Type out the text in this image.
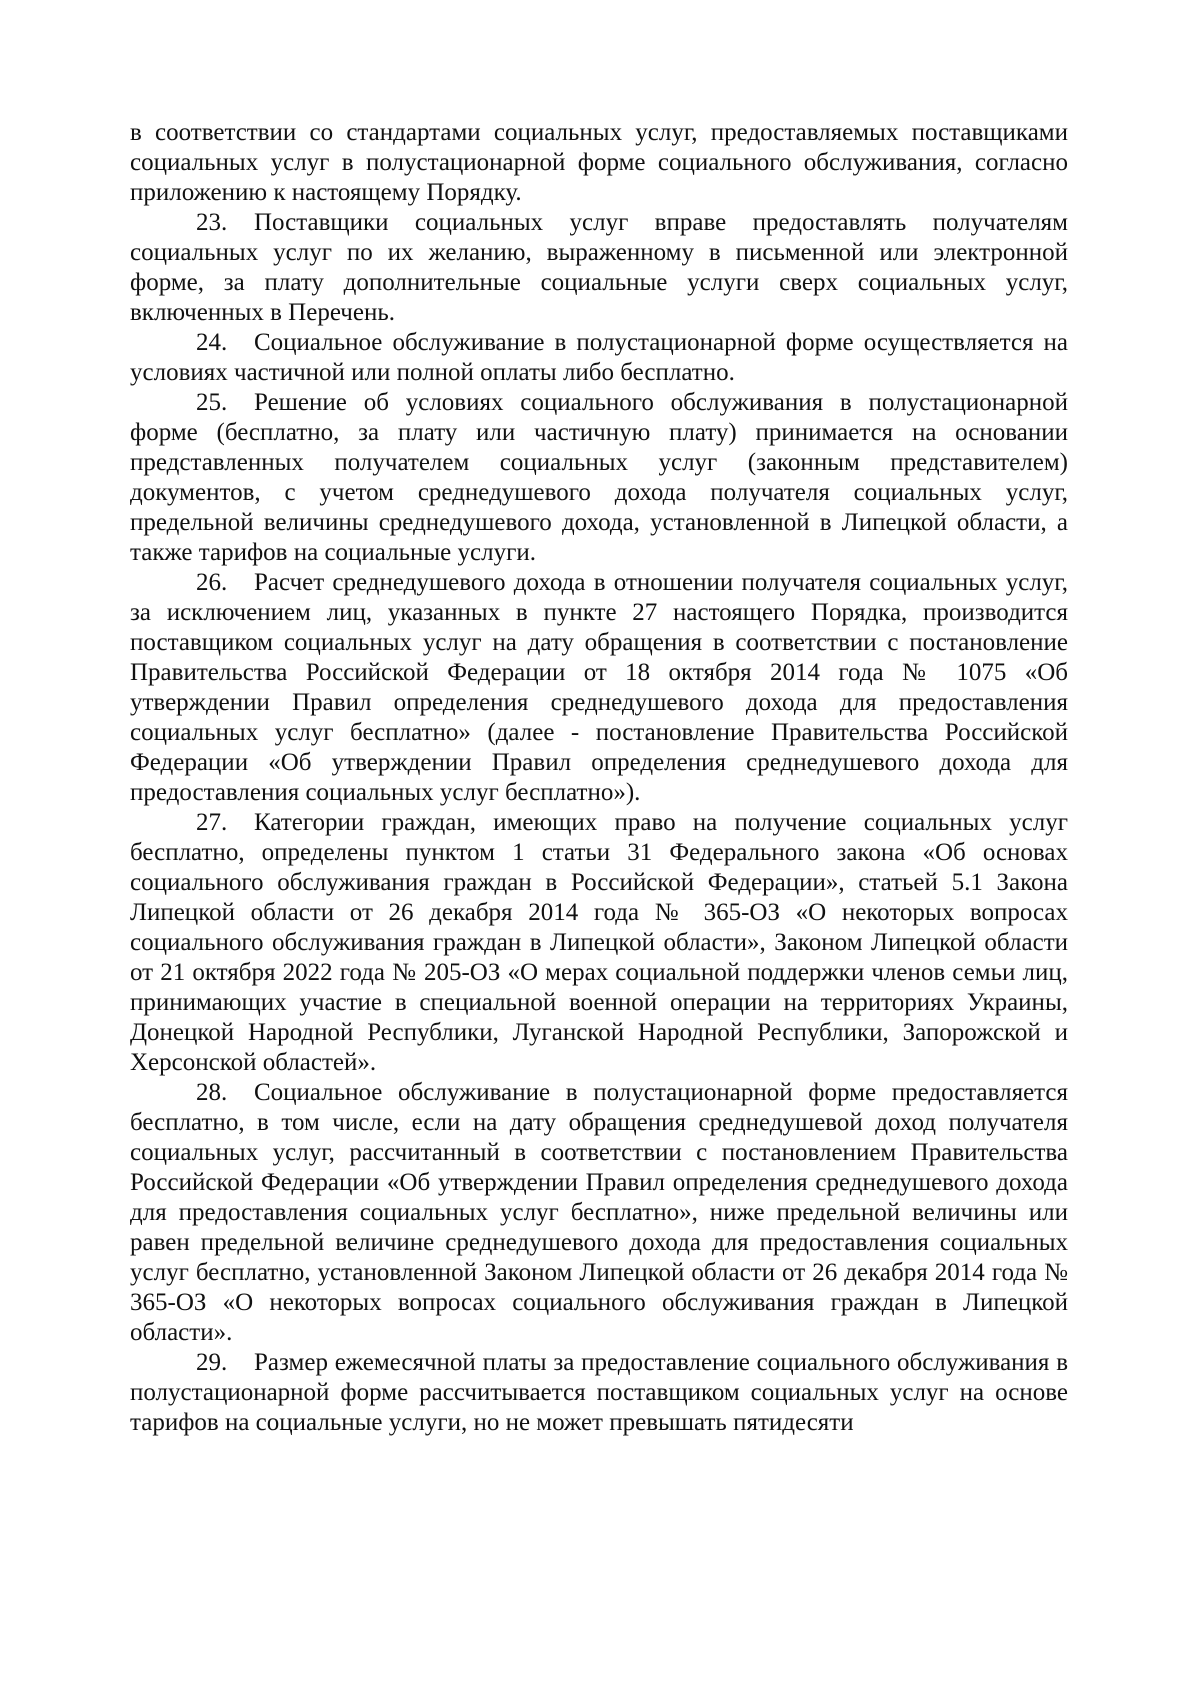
в соответствии со стандартами социальных услуг, предоставляемых поставщиками социальных услуг в полустационарной форме социального обслуживания, согласно приложению к настоящему Порядку.

23. Поставщики социальных услуг вправе предоставлять получателям социальных услуг по их желанию, выраженному в письменной или электронной форме, за плату дополнительные социальные услуги сверх социальных услуг, включенных в Перечень.

24. Социальное обслуживание в полустационарной форме осуществляется на условиях частичной или полной оплаты либо бесплатно.

25. Решение об условиях социального обслуживания в полустационарной форме (бесплатно, за плату или частичную плату) принимается на основании представленных получателем социальных услуг (законным представителем) документов, с учетом среднедушевого дохода получателя социальных услуг, предельной величины среднедушевого дохода, установленной в Липецкой области, а также тарифов на социальные услуги.

26. Расчет среднедушевого дохода в отношении получателя социальных услуг, за исключением лиц, указанных в пункте 27 настоящего Порядка, производится поставщиком социальных услуг на дату обращения в соответствии с постановление Правительства Российской Федерации от 18 октября 2014 года № 1075 «Об утверждении Правил определения среднедушевого дохода для предоставления социальных услуг бесплатно» (далее - постановление Правительства Российской Федерации «Об утверждении Правил определения среднедушевого дохода для предоставления социальных услуг бесплатно»).

27. Категории граждан, имеющих право на получение социальных услуг бесплатно, определены пунктом 1 статьи 31 Федерального закона «Об основах социального обслуживания граждан в Российской Федерации», статьей 5.1 Закона Липецкой области от 26 декабря 2014 года № 365-ОЗ «О некоторых вопросах социального обслуживания граждан в Липецкой области», Законом Липецкой области от 21 октября 2022 года № 205-ОЗ «О мерах социальной поддержки членов семьи лиц, принимающих участие в специальной военной операции на территориях Украины, Донецкой Народной Республики, Луганской Народной Республики, Запорожской и Херсонской областей».

28. Социальное обслуживание в полустационарной форме предоставляется бесплатно, в том числе, если на дату обращения среднедушевой доход получателя социальных услуг, рассчитанный в соответствии с постановлением Правительства Российской Федерации «Об утверждении Правил определения среднедушевого дохода для предоставления социальных услуг бесплатно», ниже предельной величины или равен предельной величине среднедушевого дохода для предоставления социальных услуг бесплатно, установленной Законом Липецкой области от 26 декабря 2014 года № 365-ОЗ «О некоторых вопросах социального обслуживания граждан в Липецкой области».

29. Размер ежемесячной платы за предоставление социального обслуживания в полустационарной форме рассчитывается поставщиком социальных услуг на основе тарифов на социальные услуги, но не может превышать пятидесяти
